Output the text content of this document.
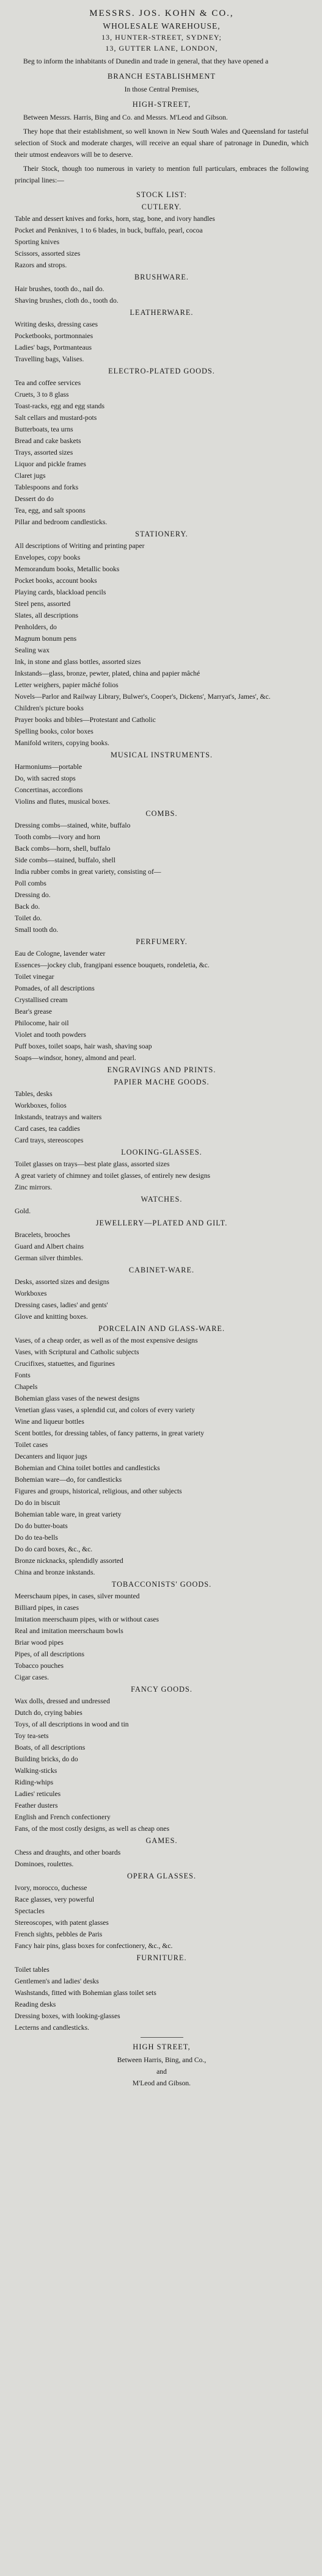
MESSRS. JOS. KOHN & CO.,
WHOLESALE WAREHOUSE,
13, HUNTER-STREET, SYDNEY;
13, GUTTER LANE, LONDON,
Beg to inform the inhabitants of Dunedin and trade in general, that they have opened a
BRANCH ESTABLISHMENT
In those Central Premises,
HIGH-STREET,
Between Messrs. Harris, Bing and Co. and Messrs. M'Leod and Gibson.
They hope that their establishment, so well known in New South Wales and Queensland for tasteful selection of Stock and moderate charges, will receive an equal share of patronage in Dunedin, which their utmost endeavors will be to deserve.
Their Stock, though too numerous in variety to mention full particulars, embraces the following principal lines:—
STOCK LIST:
CUTLERY.
Table and dessert knives and forks, horn, stag, bone, and ivory handles
Pocket and Penknives, 1 to 6 blades, in buck, buffalo, pearl, cocoa
Sporting knives
Scissors, assorted sizes
Razors and strops.
BRUSHWARE.
Hair brushes, tooth do., nail do.
Shaving brushes, cloth do., tooth do.
LEATHERWARE.
Writing desks, dressing cases
Pocketbooks, portmonnaies
Ladies' bags, Portmanteaus
Travelling bags, Valises.
ELECTRO-PLATED GOODS.
Tea and coffee services
Cruets, 3 to 8 glass
Toast-racks, egg and egg stands
Salt cellars and mustard-pots
Butterboats, tea urns
Bread and cake baskets
Trays, assorted sizes
Liquor and pickle frames
Claret jugs
Tablespoons and forks
Dessert do do
Tea, egg, and salt spoons
Pillar and bedroom candlesticks.
STATIONERY.
All descriptions of Writing and printing paper
Envelopes, copy books
Memorandum books, Metallic books
Pocket books, account books
Playing cards, blackload pencils
Steel pens, assorted
Slates, all descriptions
Penholders, do
Magnum bonum pens
Sealing wax
Ink, in stone and glass bottles, assorted sizes
Inkstands—glass, bronze, pewter, plated, china and papier mâché
Letter weighers, papier mâché folios
Novels—Parlor and Railway Library, Bulwer's, Cooper's, Dickens', Marryat's, James', &c.
Children's picture books
Prayer books and bibles—Protestant and Catholic
Spelling books, color boxes
Manifold writers, copying books.
MUSICAL INSTRUMENTS.
Harmoniums—portable
Do, with sacred stops
Concertinas, accordions
Violins and flutes, musical boxes.
COMBS.
Dressing combs—stained, white, buffalo
Tooth combs—ivory and horn
Back combs—horn, shell, buffalo
Side combs—stained, buffalo, shell
India rubber combs in great variety, consisting of—
Poll combs
Dressing do.
Back do.
Toilet do.
Small tooth do.
PERFUMERY.
Eau de Cologne, lavender water
Essences—jockey club, frangipani essence bouquets, rondeletia, &c.
Toilet vinegar
Pomades, of all descriptions
Crystallised cream
Bear's grease
Philocome, hair oil
Violet and tooth powders
Puff boxes, toilet soaps, hair wash, shaving soap
Soaps—windsor, honey, almond and pearl.
ENGRAVINGS AND PRINTS.
PAPIER MACHE GOODS.
Tables, desks
Workboxes, folios
Inkstands, teatrays and waiters
Card cases, tea caddies
Card trays, stereoscopes
LOOKING-GLASSES.
Toilet glasses on trays—best plate glass, assorted sizes
A great variety of chimney and toilet glasses, of entirely new designs
Zinc mirrors.
WATCHES.
Gold.
JEWELLERY—PLATED AND GILT.
Bracelets, brooches
Guard and Albert chains
German silver thimbles.
CABINET-WARE.
Desks, assorted sizes and designs
Workboxes
Dressing cases, ladies' and gents'
Glove and knitting boxes.
PORCELAIN AND GLASS-WARE.
Vases, of a cheap order, as well as of the most expensive designs
Vases, with Scriptural and Catholic subjects
Crucifixes, statuettes, and figurines
Fonts
Chapels
Bohemian glass vases of the newest designs
Venetian glass vases, a splendid cut, and colors of every variety
Wine and liqueur bottles
Scent bottles, for dressing tables, of fancy patterns, in great variety
Toilet cases
Decanters and liquor jugs
Bohemian and China toilet bottles and candlesticks
Bohemian ware—do, for candlesticks
Figures and groups, historical, religious, and other subjects
Do do in biscuit
Bohemian table ware, in great variety
Do do butter-boats
Do do tea-bells
Do do card boxes, &c., &c.
Bronze nicknacks, splendidly assorted
China and bronze inkstands.
TOBACCONISTS' GOODS.
Meerschaum pipes, in cases, silver mounted
Billiard pipes, in cases
Imitation meerschaum pipes, with or without cases
Real and imitation meerschaum bowls
Briar wood pipes
Pipes, of all descriptions
Tobacco pouches
Cigar cases.
FANCY GOODS.
Wax dolls, dressed and undressed
Dutch do, crying babies
Toys, of all descriptions in wood and tin
Toy tea-sets
Boats, of all descriptions
Building bricks, do do
Walking-sticks
Riding-whips
Ladies' reticules
Feather dusters
English and French confectionery
Fans, of the most costly designs, as well as cheap ones
GAMES.
Chess and draughts, and other boards
Dominoes, roulettes.
OPERA GLASSES.
Ivory, morocco, duchesse
Race glasses, very powerful
Spectacles
Stereoscopes, with patent glasses
French sights, pebbles de Paris
Fancy hair pins, glass boxes for confectionery, &c., &c.
FURNITURE.
Toilet tables
Gentlemen's and ladies' desks
Washstands, fitted with Bohemian glass toilet sets
Reading desks
Dressing boxes, with looking-glasses
Lecterns and candlesticks.
HIGH STREET,
Between Harris, Bing, and Co.,
and
M'Leod and Gibson.
